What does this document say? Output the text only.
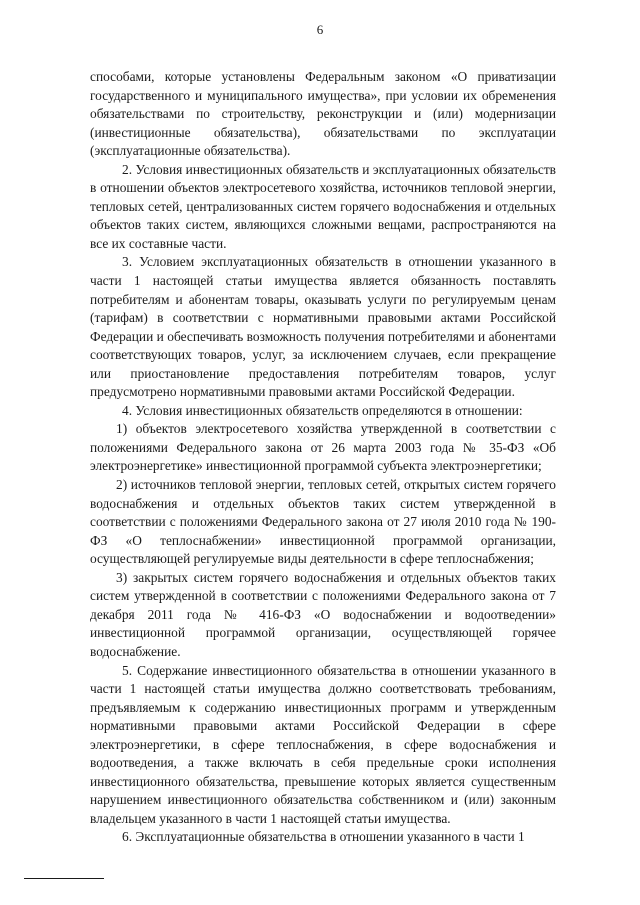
6

способами, которые установлены Федеральным законом «О приватизации государственного и муниципального имущества», при условии их обременения обязательствами по строительству, реконструкции и (или) модернизации (инвестиционные обязательства), обязательствами по эксплуатации (эксплуатационные обязательства).

2. Условия инвестиционных обязательств и эксплуатационных обязательств в отношении объектов электросетевого хозяйства, источников тепловой энергии, тепловых сетей, централизованных систем горячего водоснабжения и отдельных объектов таких систем, являющихся сложными вещами, распространяются на все их составные части.

3. Условием эксплуатационных обязательств в отношении указанного в части 1 настоящей статьи имущества является обязанность поставлять потребителям и абонентам товары, оказывать услуги по регулируемым ценам (тарифам) в соответствии с нормативными правовыми актами Российской Федерации и обеспечивать возможность получения потребителями и абонентами соответствующих товаров, услуг, за исключением случаев, если прекращение или приостановление предоставления потребителям товаров, услуг предусмотрено нормативными правовыми актами Российской Федерации.

4. Условия инвестиционных обязательств определяются в отношении:

1) объектов электросетевого хозяйства утвержденной в соответствии с положениями Федерального закона от 26 марта 2003 года № 35-ФЗ «Об электроэнергетике» инвестиционной программой субъекта электроэнергетики;

2) источников тепловой энергии, тепловых сетей, открытых систем горячего водоснабжения и отдельных объектов таких систем утвержденной в соответствии с положениями Федерального закона от 27 июля 2010 года № 190-ФЗ «О теплоснабжении» инвестиционной программой организации, осуществляющей регулируемые виды деятельности в сфере теплоснабжения;

3) закрытых систем горячего водоснабжения и отдельных объектов таких систем утвержденной в соответствии с положениями Федерального закона от 7 декабря 2011 года № 416-ФЗ «О водоснабжении и водоотведении» инвестиционной программой организации, осуществляющей горячее водоснабжение.

5. Содержание инвестиционного обязательства в отношении указанного в части 1 настоящей статьи имущества должно соответствовать требованиям, предъявляемым к содержанию инвестиционных программ и утвержденным нормативными правовыми актами Российской Федерации в сфере электроэнергетики, в сфере теплоснабжения, в сфере водоснабжения и водоотведения, а также включать в себя предельные сроки исполнения инвестиционного обязательства, превышение которых является существенным нарушением инвестиционного обязательства собственником и (или) законным владельцем указанного в части 1 настоящей статьи имущества.

6. Эксплуатационные обязательства в отношении указанного в части 1
